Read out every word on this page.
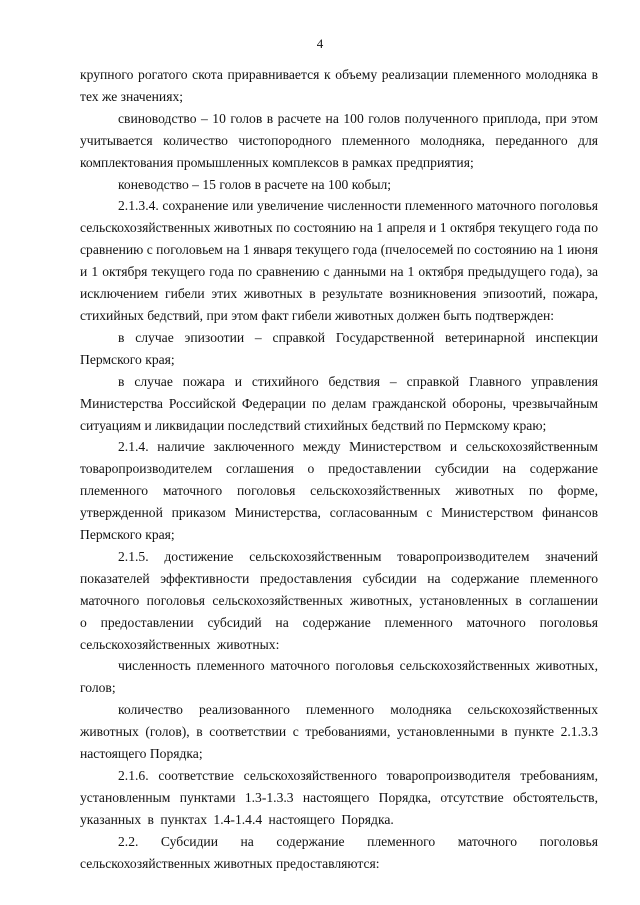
4

крупного рогатого скота приравнивается к объему реализации племенного молодняка в тех же значениях;

свиноводство – 10 голов в расчете на 100 голов полученного приплода, при этом учитывается количество чистопородного племенного молодняка, переданного для комплектования промышленных комплексов в рамках предприятия;

коневодство – 15 голов в расчете на 100 кобыл;

2.1.3.4. сохранение или увеличение численности племенного маточного поголовья сельскохозяйственных животных по состоянию на 1 апреля и 1 октября текущего года по сравнению с поголовьем на 1 января текущего года (пчелосемей по состоянию на 1 июня и 1 октября текущего года по сравнению с данными на 1 октября предыдущего года), за исключением гибели этих животных в результате возникновения эпизоотий, пожара, стихийных бедствий, при этом факт гибели животных должен быть подтвержден:

в случае эпизоотии – справкой Государственной ветеринарной инспекции Пермского края;

в случае пожара и стихийного бедствия – справкой Главного управления Министерства Российской Федерации по делам гражданской обороны, чрезвычайным ситуациям и ликвидации последствий стихийных бедствий по Пермскому краю;

2.1.4. наличие заключенного между Министерством и сельскохозяйственным товаропроизводителем соглашения о предоставлении субсидии на содержание племенного маточного поголовья сельскохозяйственных животных по форме, утвержденной приказом Министерства, согласованным с Министерством финансов Пермского края;

2.1.5. достижение сельскохозяйственным товаропроизводителем значений показателей эффективности предоставления субсидии на содержание племенного маточного поголовья сельскохозяйственных животных, установленных в соглашении о предоставлении субсидий на содержание племенного маточного поголовья сельскохозяйственных животных:

численность племенного маточного поголовья сельскохозяйственных животных, голов;

количество реализованного племенного молодняка сельскохозяйственных животных (голов), в соответствии с требованиями, установленными в пункте 2.1.3.3 настоящего Порядка;

2.1.6. соответствие сельскохозяйственного товаропроизводителя требованиям, установленным пунктами 1.3-1.3.3 настоящего Порядка, отсутствие обстоятельств, указанных в пунктах 1.4-1.4.4 настоящего Порядка.

2.2. Субсидии на содержание племенного маточного поголовья сельскохозяйственных животных предоставляются:
